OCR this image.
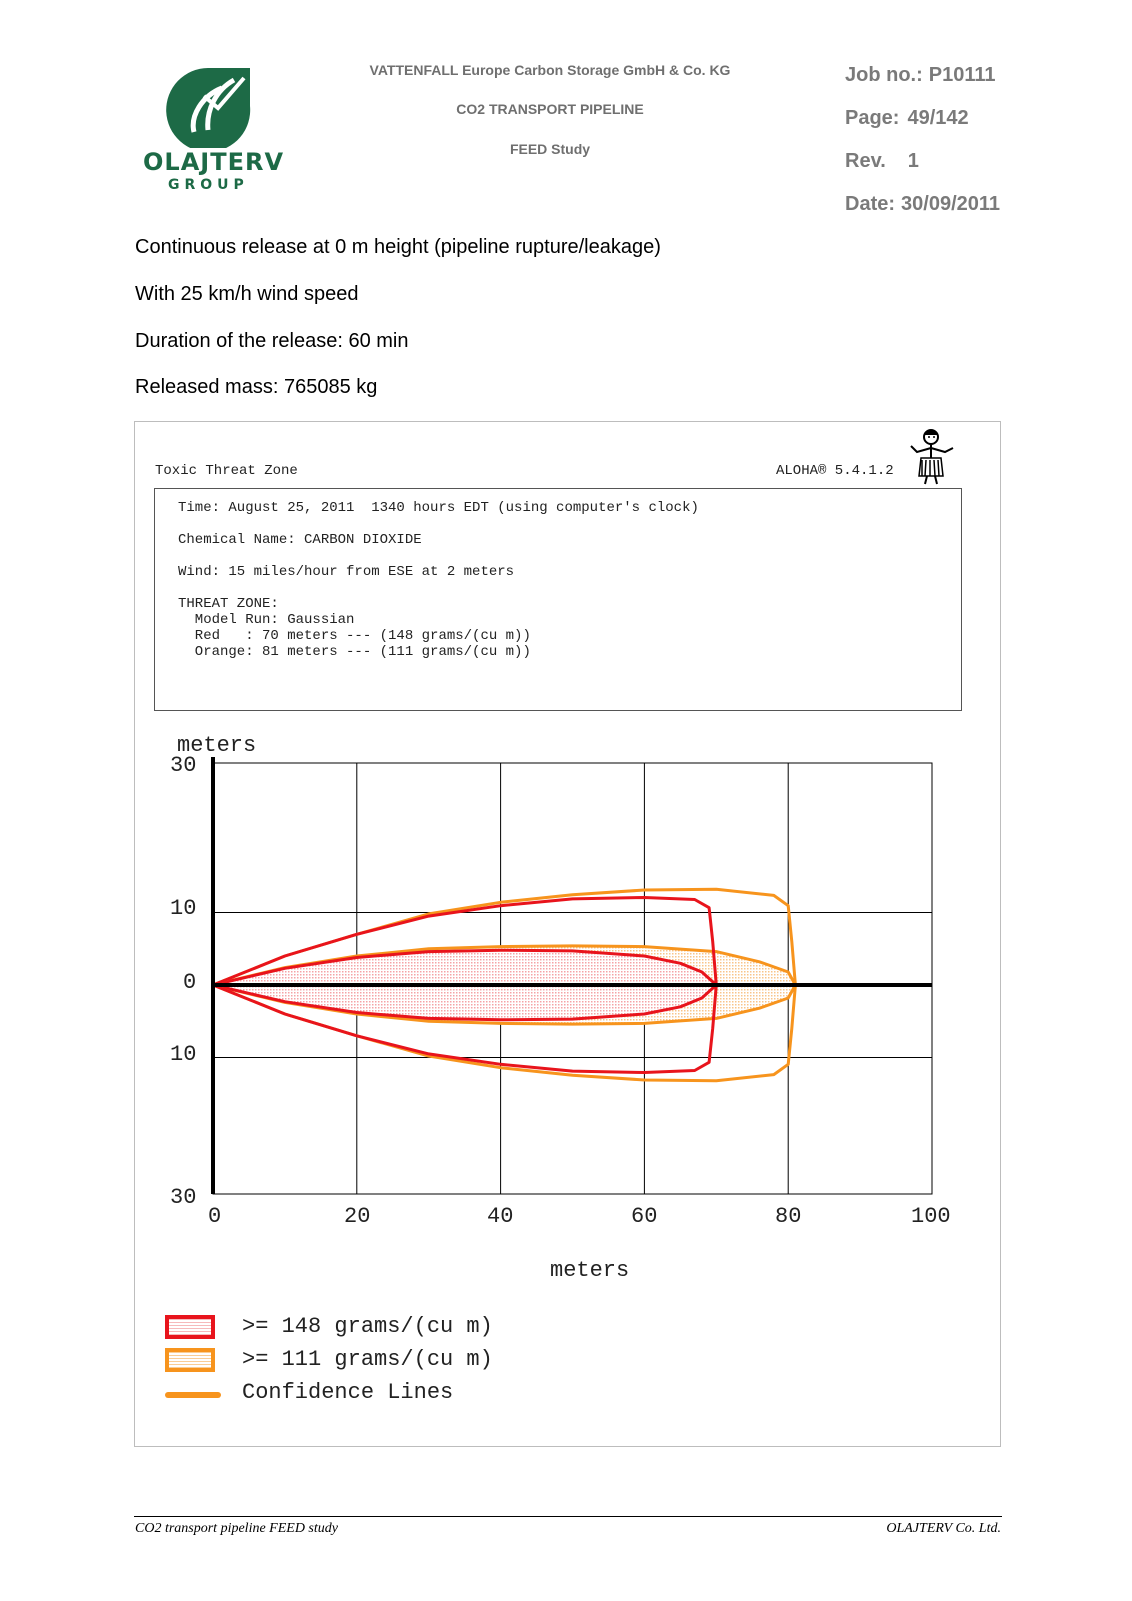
OLAJTERV
GROUP
VATTENFALL Europe Carbon Storage GmbH & Co. KG
CO2 TRANSPORT PIPELINE
FEED Study
Job no.: P10111
Page: 49/142
Rev. 1
Date: 30/09/2011
Continuous release at 0 m height (pipeline rupture/leakage)
With 25 km/h wind speed
Duration of the release: 60 min
Released mass: 765085 kg
Toxic Threat Zone	ALOHA® 5.4.1.2
Time: August 25, 2011  1340 hours EDT (using computer's clock)
Chemical Name: CARBON DIOXIDE
Wind: 15 miles/hour from ESE at 2 meters
THREAT ZONE:
Model Run: Gaussian
Red   : 70 meters --- (148 grams/(cu m))
Orange: 81 meters --- (111 grams/(cu m))
meters
30
10
0
10
30
0	20	40	60	80	100
meters
>= 148 grams/(cu m)
>= 111 grams/(cu m)
Confidence Lines
CO2 transport pipeline FEED study	OLAJTERV Co. Ltd.
